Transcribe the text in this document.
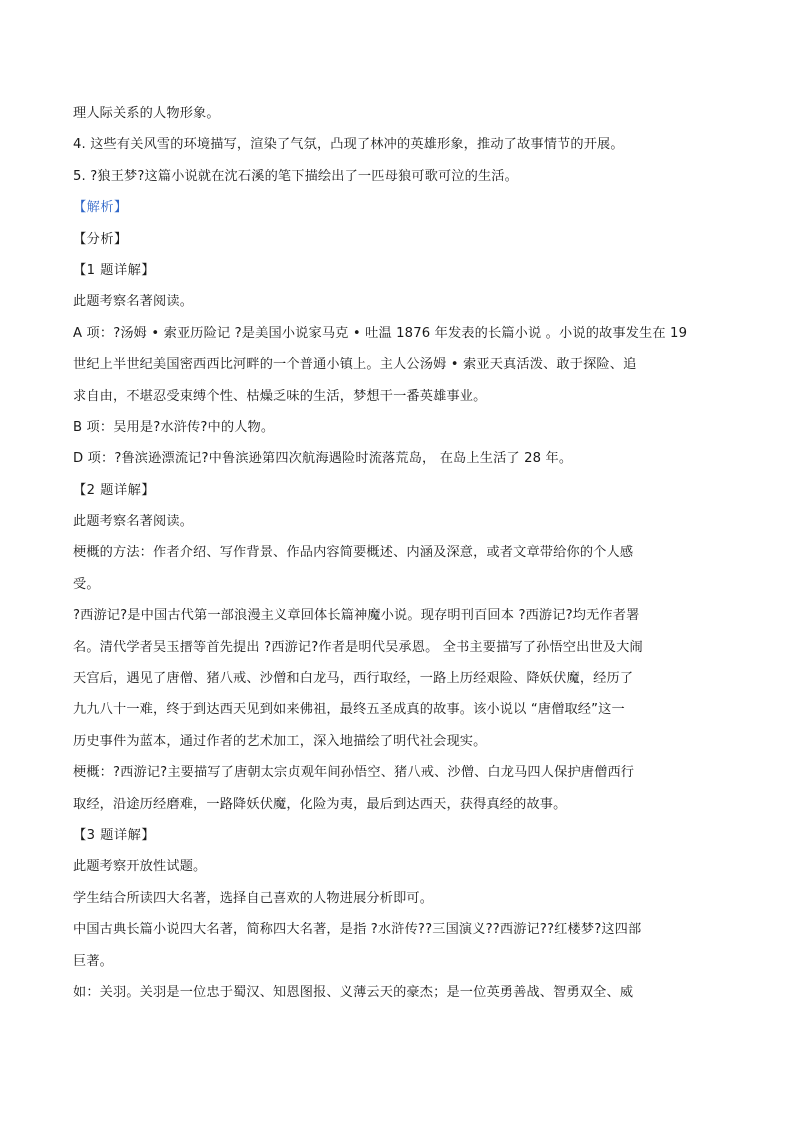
理人际关系的人物形象。
4. 这些有关风雪的环境描写，渲染了气氛，凸现了林冲的英雄形象，推动了故事情节的开展。
5. ?狼王梦?这篇小说就在沈石溪的笔下描绘出了一匹母狼可歌可泣的生活。
【解析】
【分析】
【1 题详解】
此题考察名著阅读。
A 项：?汤姆 • 索亚历险记 ?是美国小说家马克 • 吐温 1876 年发表的长篇小说 。小说的故事发生在 19
世纪上半世纪美国密西西比河畔的一个普通小镇上。主人公汤姆 • 索亚天真活泼、敢于探险、追
求自由，不堪忍受束缚个性、枯燥乏味的生活，梦想干一番英雄事业。
B 项：吴用是?水浒传?中的人物。
D 项：?鲁滨逊漂流记?中鲁滨逊第四次航海遇险时流落荒岛， 在岛上生活了 28 年。
【2 题详解】
此题考察名著阅读。
梗概的方法：作者介绍、写作背景、作品内容简要概述、内涵及深意，或者文章带给你的个人感
受。
?西游记?是中国古代第一部浪漫主义章回体长篇神魔小说。现存明刊百回本 ?西游记?均无作者署
名。清代学者吴玉搢等首先提出 ?西游记?作者是明代吴承恩。 全书主要描写了孙悟空出世及大闹
天宫后，遇见了唐僧、猪八戒、沙僧和白龙马，西行取经，一路上历经艰险、降妖伏魔，经历了
九九八十一难，终于到达西天见到如来佛祖，最终五圣成真的故事。该小说以 “唐僧取经”这一
历史事件为蓝本，通过作者的艺术加工，深入地描绘了明代社会现实。
梗概：?西游记?主要描写了唐朝太宗贞观年间孙悟空、猪八戒、沙僧、白龙马四人保护唐僧西行
取经，沿途历经磨难，一路降妖伏魔，化险为夷，最后到达西天，获得真经的故事。
【3 题详解】
此题考察开放性试题。
学生结合所读四大名著，选择自己喜欢的人物进展分析即可。
中国古典长篇小说四大名著，简称四大名著，是指 ?水浒传??三国演义??西游记??红楼梦?这四部
巨著。
如：关羽。关羽是一位忠于蜀汉、知恩图报、义薄云天的豪杰；是一位英勇善战、智勇双全、威
